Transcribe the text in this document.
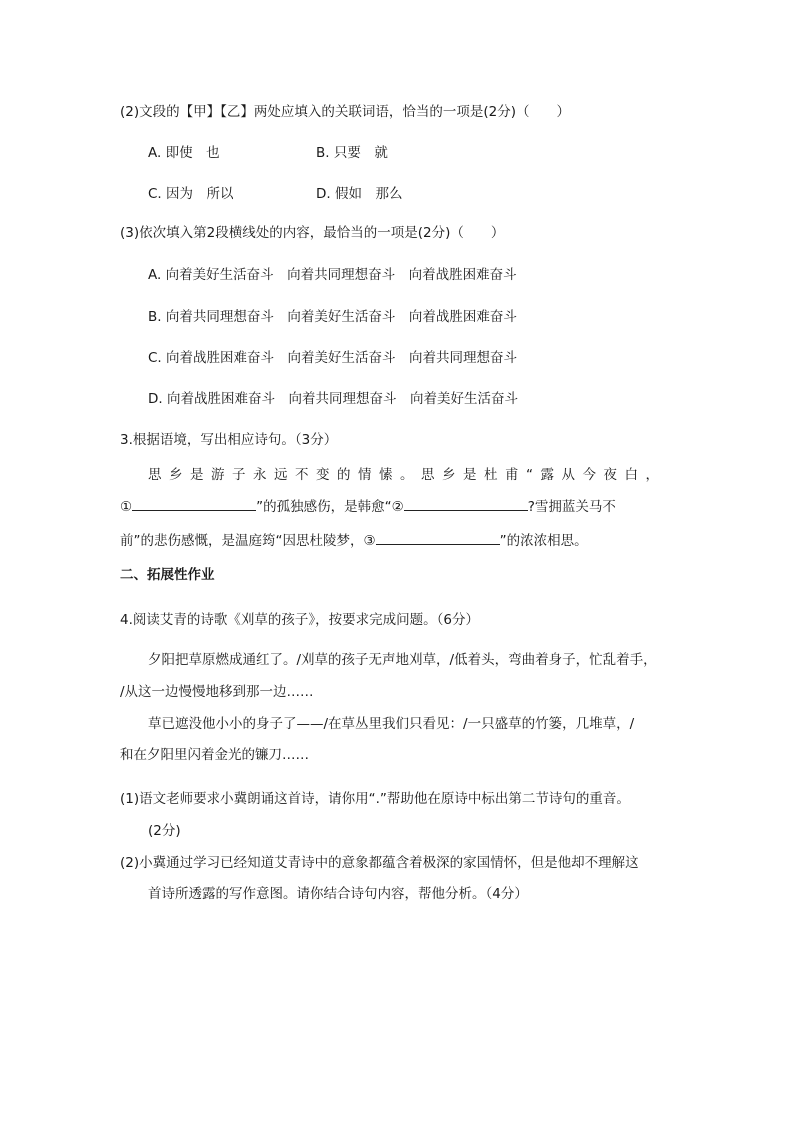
(2)文段的【甲】【乙】两处应填入的关联词语，恰当的一项是(2分)（　　）
A. 即使　也	B. 只要　就
C. 因为　所以	D. 假如　那么
(3)依次填入第2段横线处的内容，最恰当的一项是(2分)（　　）
A. 向着美好生活奋斗　向着共同理想奋斗　向着战胜困难奋斗
B. 向着共同理想奋斗　向着美好生活奋斗　向着战胜困难奋斗
C. 向着战胜困难奋斗　向着美好生活奋斗　向着共同理想奋斗
D. 向着战胜困难奋斗　向着共同理想奋斗　向着美好生活奋斗
3.根据语境，写出相应诗句。（3分）
思乡是游子永远不变的情愫。思乡是杜甫“露从今夜白，
①	”的孤独感伤，是韩愈“②	?雪拥蓝关马不
前”的悲伤感慨，是温庭筠“因思杜陵梦，③	”的浓浓相思。
二、拓展性作业
4.阅读艾青的诗歌《刈草的孩子》，按要求完成问题。（6分）
夕阳把草原燃成通红了。/刈草的孩子无声地刈草，/低着头，弯曲着身子，忙乱着手，
/从这一边慢慢地移到那一边……
草已遮没他小小的身子了——/在草丛里我们只看见：/一只盛草的竹篓，几堆草，/
和在夕阳里闪着金光的镰刀……
(1)语文老师要求小冀朗诵这首诗，请你用“.”帮助他在原诗中标出第二节诗句的重音。
(2分)
(2)小冀通过学习已经知道艾青诗中的意象都蕴含着极深的家国情怀，但是他却不理解这
首诗所透露的写作意图。请你结合诗句内容，帮他分析。（4分）
